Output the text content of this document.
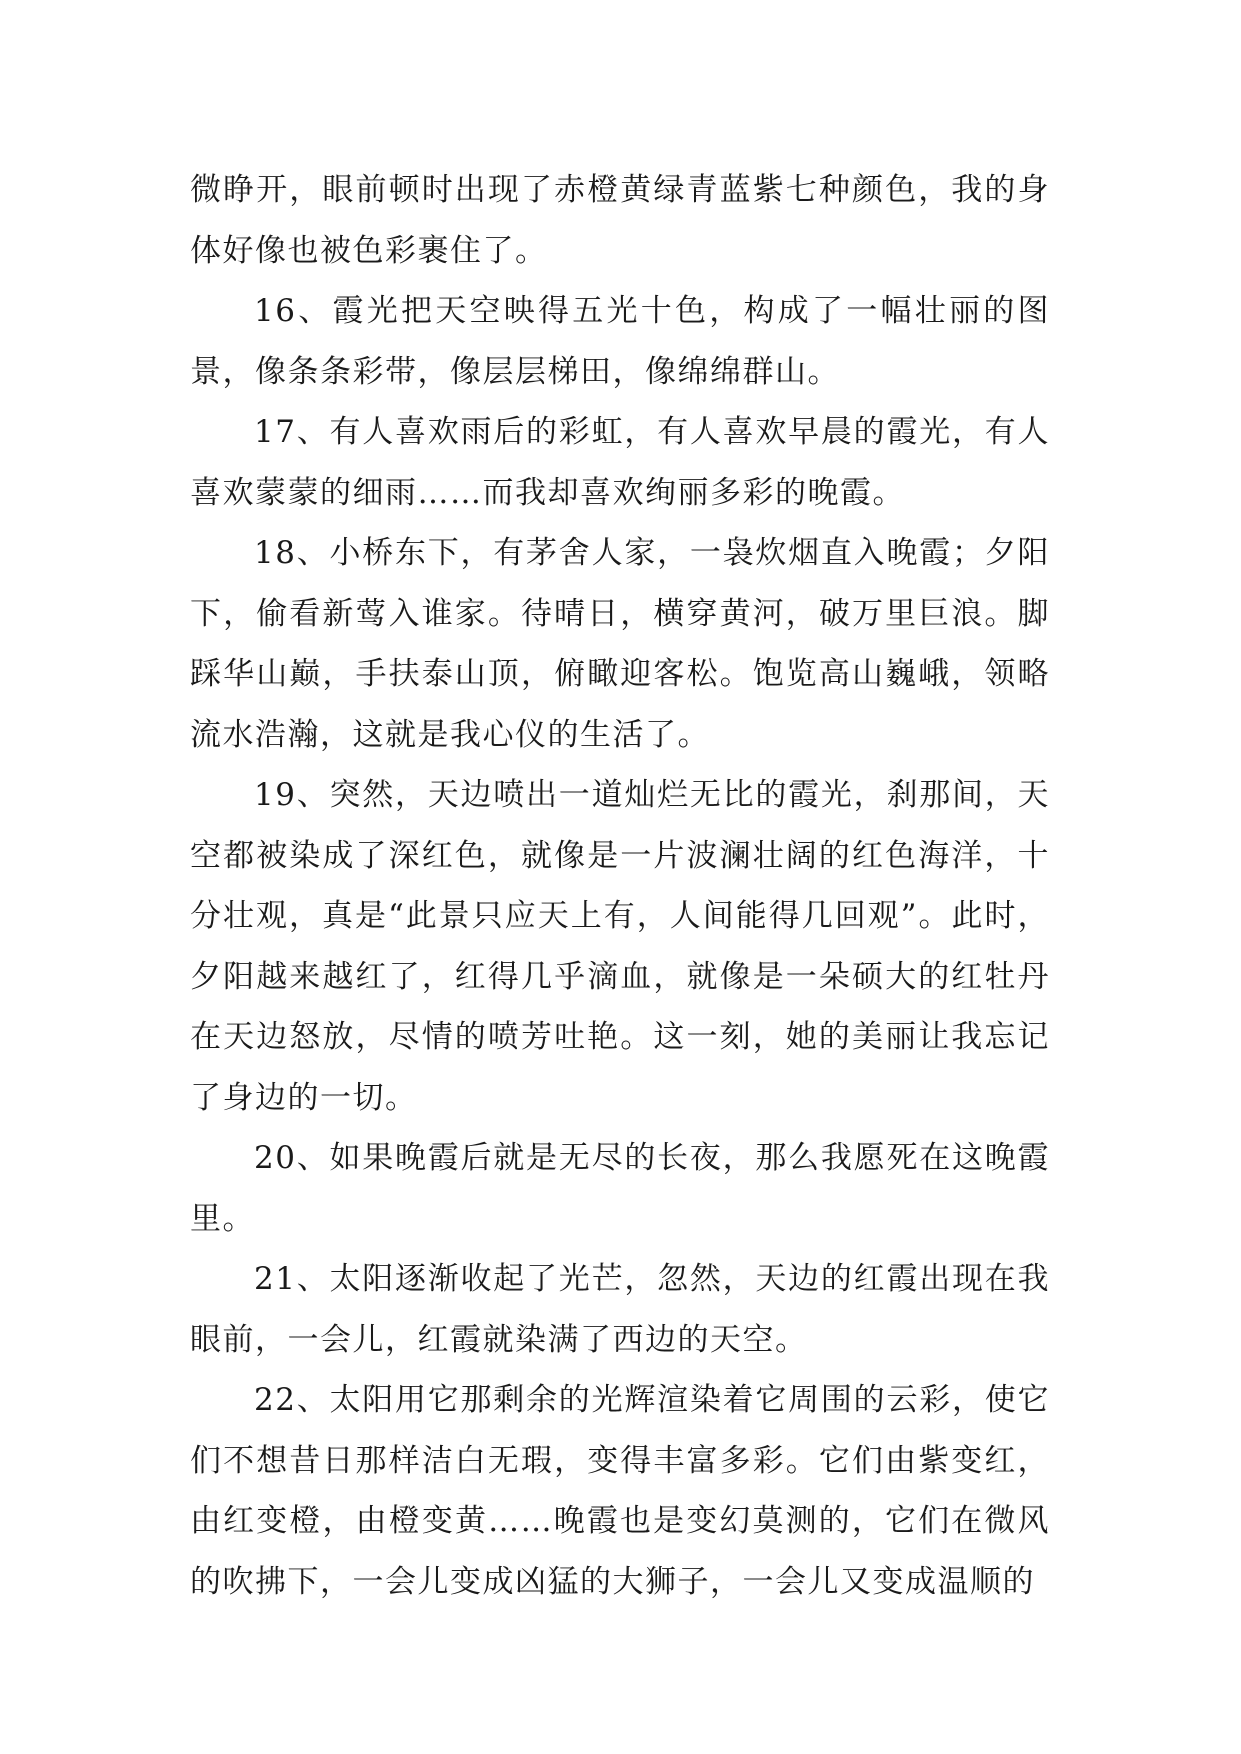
微睁开，眼前顿时出现了赤橙黄绿青蓝紫七种颜色，我的身体好像也被色彩裹住了。

16、霞光把天空映得五光十色，构成了一幅壮丽的图景，像条条彩带，像层层梯田，像绵绵群山。

17、有人喜欢雨后的彩虹，有人喜欢早晨的霞光，有人喜欢蒙蒙的细雨……而我却喜欢绚丽多彩的晚霞。

18、小桥东下，有茅舍人家，一袅炊烟直入晚霞；夕阳下，偷看新莺入谁家。待晴日，横穿黄河，破万里巨浪。脚踩华山巅，手扶泰山顶，俯瞰迎客松。饱览高山巍峨，领略流水浩瀚，这就是我心仪的生活了。

19、突然，天边喷出一道灿烂无比的霞光，刹那间，天空都被染成了深红色，就像是一片波澜壮阔的红色海洋，十分壮观，真是“此景只应天上有，人间能得几回观”。此时，夕阳越来越红了，红得几乎滴血，就像是一朵硕大的红牡丹在天边怒放，尽情的喷芳吐艳。这一刻，她的美丽让我忘记了身边的一切。

20、如果晚霞后就是无尽的长夜，那么我愿死在这晚霞里。

21、太阳逐渐收起了光芒，忽然，天边的红霞出现在我眼前，一会儿，红霞就染满了西边的天空。

22、太阳用它那剩余的光辉渲染着它周围的云彩，使它们不想昔日那样洁白无瑕，变得丰富多彩。它们由紫变红，由红变橙，由橙变黄……晚霞也是变幻莫测的，它们在微风的吹拂下，一会儿变成凶猛的大狮子，一会儿又变成温顺的
